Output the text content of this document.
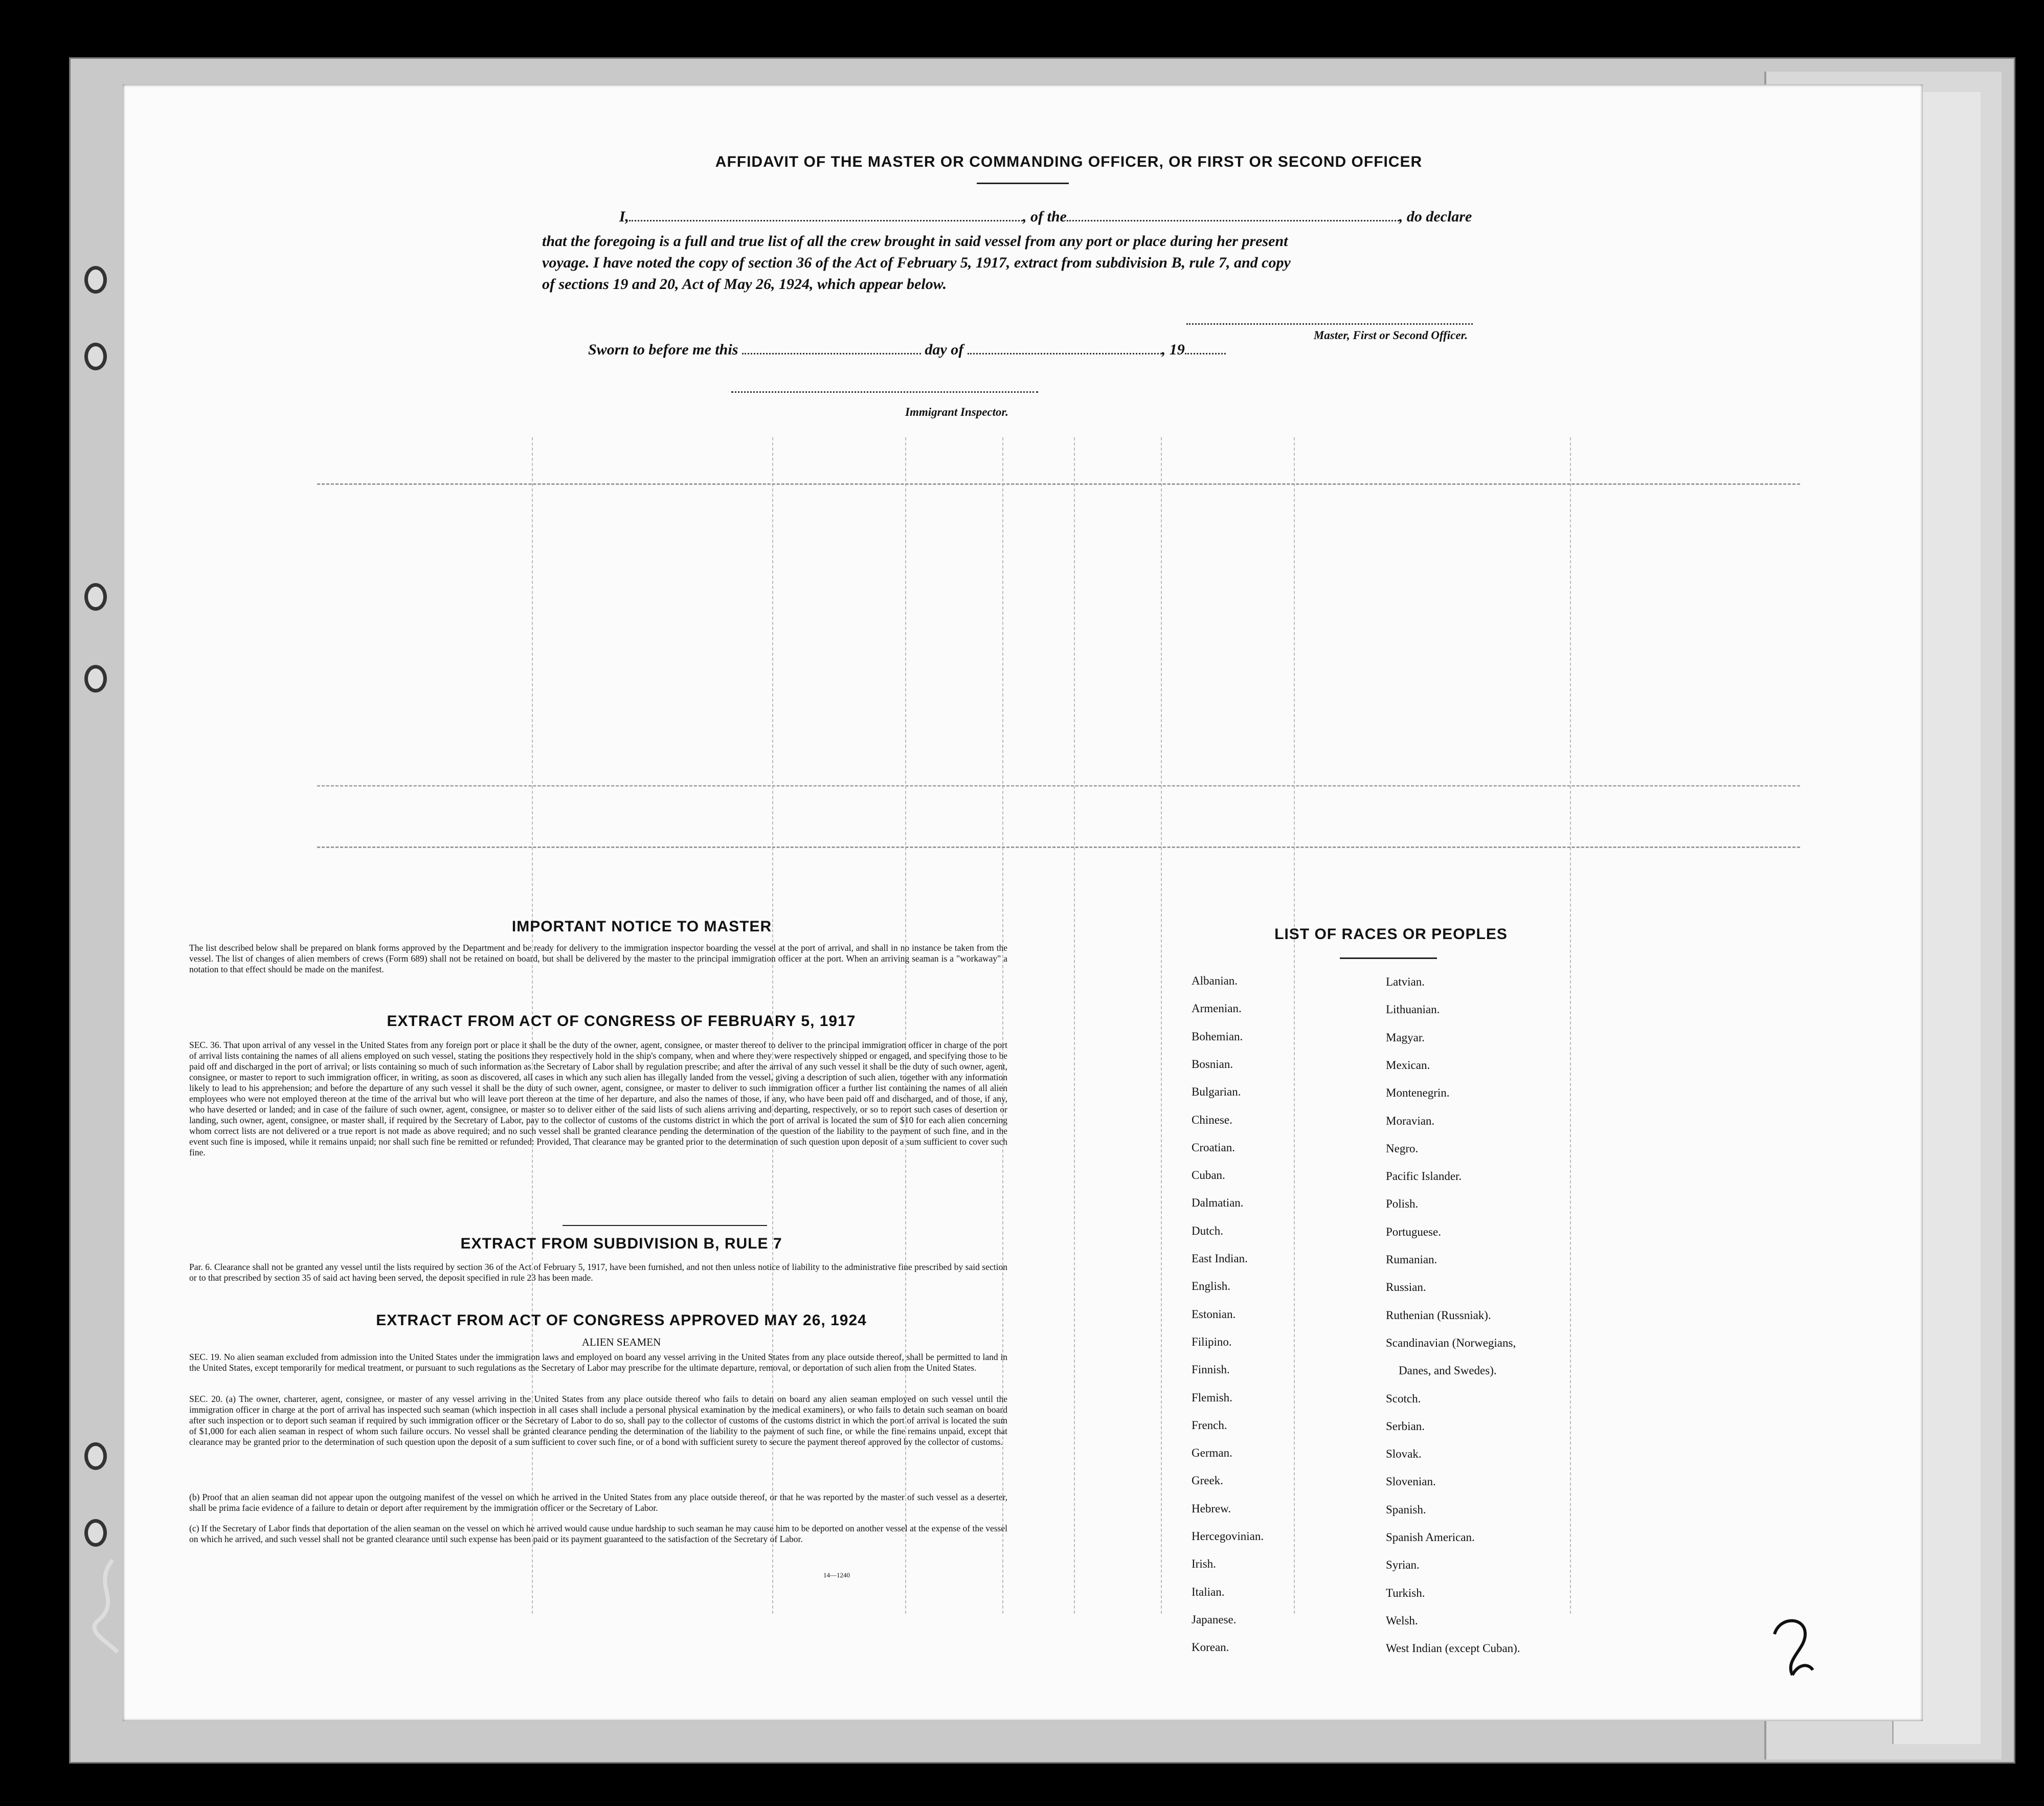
AFFIDAVIT OF THE MASTER OR COMMANDING OFFICER, OR FIRST OR SECOND OFFICER
I,	, of the	, do declare
that the foregoing is a full and true list of all the crew brought in said vessel from any port or place during her present
voyage. I have noted the copy of section 36 of the Act of February 5, 1917, extract from subdivision B, rule 7, and copy
of sections 19 and 20, Act of May 26, 1924, which appear below.
Master, First or Second Officer.
Sworn to before me this	day of	, 19
Immigrant Inspector.
IMPORTANT NOTICE TO MASTER
The list described below shall be prepared on blank forms approved by the Department and be ready for delivery to the immigration inspector boarding the vessel at the port of arrival, and shall in no instance be taken from the vessel. The list of changes of alien members of crews (Form 689) shall not be retained on board, but shall be delivered by the master to the principal immigration officer at the port. When an arriving seaman is a "workaway" a notation to that effect should be made on the manifest.
EXTRACT FROM ACT OF CONGRESS OF FEBRUARY 5, 1917
SEC. 36. That upon arrival of any vessel in the United States from any foreign port or place it shall be the duty of the owner, agent, consignee, or master thereof to deliver to the principal immigration officer in charge of the port of arrival lists containing the names of all aliens employed on such vessel, stating the positions they respectively hold in the ship's company, when and where they were respectively shipped or engaged, and specifying those to be paid off and discharged in the port of arrival; or lists containing so much of such information as the Secretary of Labor shall by regulation prescribe; and after the arrival of any such vessel it shall be the duty of such owner, agent, consignee, or master to report to such immigration officer, in writing, as soon as discovered, all cases in which any such alien has illegally landed from the vessel, giving a description of such alien, together with any information likely to lead to his apprehension; and before the departure of any such vessel it shall be the duty of such owner, agent, consignee, or master to deliver to such immigration officer a further list containing the names of all alien employees who were not employed thereon at the time of the arrival but who will leave port thereon at the time of her departure, and also the names of those, if any, who have been paid off and discharged, and of those, if any, who have deserted or landed; and in case of the failure of such owner, agent, consignee, or master so to deliver either of the said lists of such aliens arriving and departing, respectively, or so to report such cases of desertion or landing, such owner, agent, consignee, or master shall, if required by the Secretary of Labor, pay to the collector of customs of the customs district in which the port of arrival is located the sum of $10 for each alien concerning whom correct lists are not delivered or a true report is not made as above required; and no such vessel shall be granted clearance pending the determination of the question of the liability to the payment of such fine, and in the event such fine is imposed, while it remains unpaid; nor shall such fine be remitted or refunded: Provided, That clearance may be granted prior to the determination of such question upon deposit of a sum sufficient to cover such fine.
EXTRACT FROM SUBDIVISION B, RULE 7
Par. 6. Clearance shall not be granted any vessel until the lists required by section 36 of the Act of February 5, 1917, have been furnished, and not then unless notice of liability to the administrative fine prescribed by said section or to that prescribed by section 35 of said act having been served, the deposit specified in rule 23 has been made.
EXTRACT FROM ACT OF CONGRESS APPROVED MAY 26, 1924
ALIEN SEAMEN
SEC. 19. No alien seaman excluded from admission into the United States under the immigration laws and employed on board any vessel arriving in the United States from any place outside thereof, shall be permitted to land in the United States, except temporarily for medical treatment, or pursuant to such regulations as the Secretary of Labor may prescribe for the ultimate departure, removal, or deportation of such alien from the United States.
SEC. 20. (a) The owner, charterer, agent, consignee, or master of any vessel arriving in the United States from any place outside thereof who fails to detain on board any alien seaman employed on such vessel until the immigration officer in charge at the port of arrival has inspected such seaman (which inspection in all cases shall include a personal physical examination by the medical examiners), or who fails to detain such seaman on board after such inspection or to deport such seaman if required by such immigration officer or the Secretary of Labor to do so, shall pay to the collector of customs of the customs district in which the port of arrival is located the sum of $1,000 for each alien seaman in respect of whom such failure occurs. No vessel shall be granted clearance pending the determination of the liability to the payment of such fine, or while the fine remains unpaid, except that clearance may be granted prior to the determination of such question upon the deposit of a sum sufficient to cover such fine, or of a bond with sufficient surety to secure the payment thereof approved by the collector of customs.
(b) Proof that an alien seaman did not appear upon the outgoing manifest of the vessel on which he arrived in the United States from any place outside thereof, or that he was reported by the master of such vessel as a deserter, shall be prima facie evidence of a failure to detain or deport after requirement by the immigration officer or the Secretary of Labor.
(c) If the Secretary of Labor finds that deportation of the alien seaman on the vessel on which he arrived would cause undue hardship to such seaman he may cause him to be deported on another vessel at the expense of the vessel on which he arrived, and such vessel shall not be granted clearance until such expense has been paid or its payment guaranteed to the satisfaction of the Secretary of Labor.
14—1240
LIST OF RACES OR PEOPLES
Albanian.
Armenian.
Bohemian.
Bosnian.
Bulgarian.
Chinese.
Croatian.
Cuban.
Dalmatian.
Dutch.
East Indian.
English.
Estonian.
Filipino.
Finnish.
Flemish.
French.
German.
Greek.
Hebrew.
Hercegovinian.
Irish.
Italian.
Japanese.
Korean.
Latvian.
Lithuanian.
Magyar.
Mexican.
Montenegrin.
Moravian.
Negro.
Pacific Islander.
Polish.
Portuguese.
Rumanian.
Russian.
Ruthenian (Russniak).
Scandinavian (Norwegians,
Scotch.
Serbian.
Slovak.
Slovenian.
Spanish.
Spanish American.
Syrian.
Turkish.
Welsh.
West Indian (except Cuban).
Danes, and Swedes).
